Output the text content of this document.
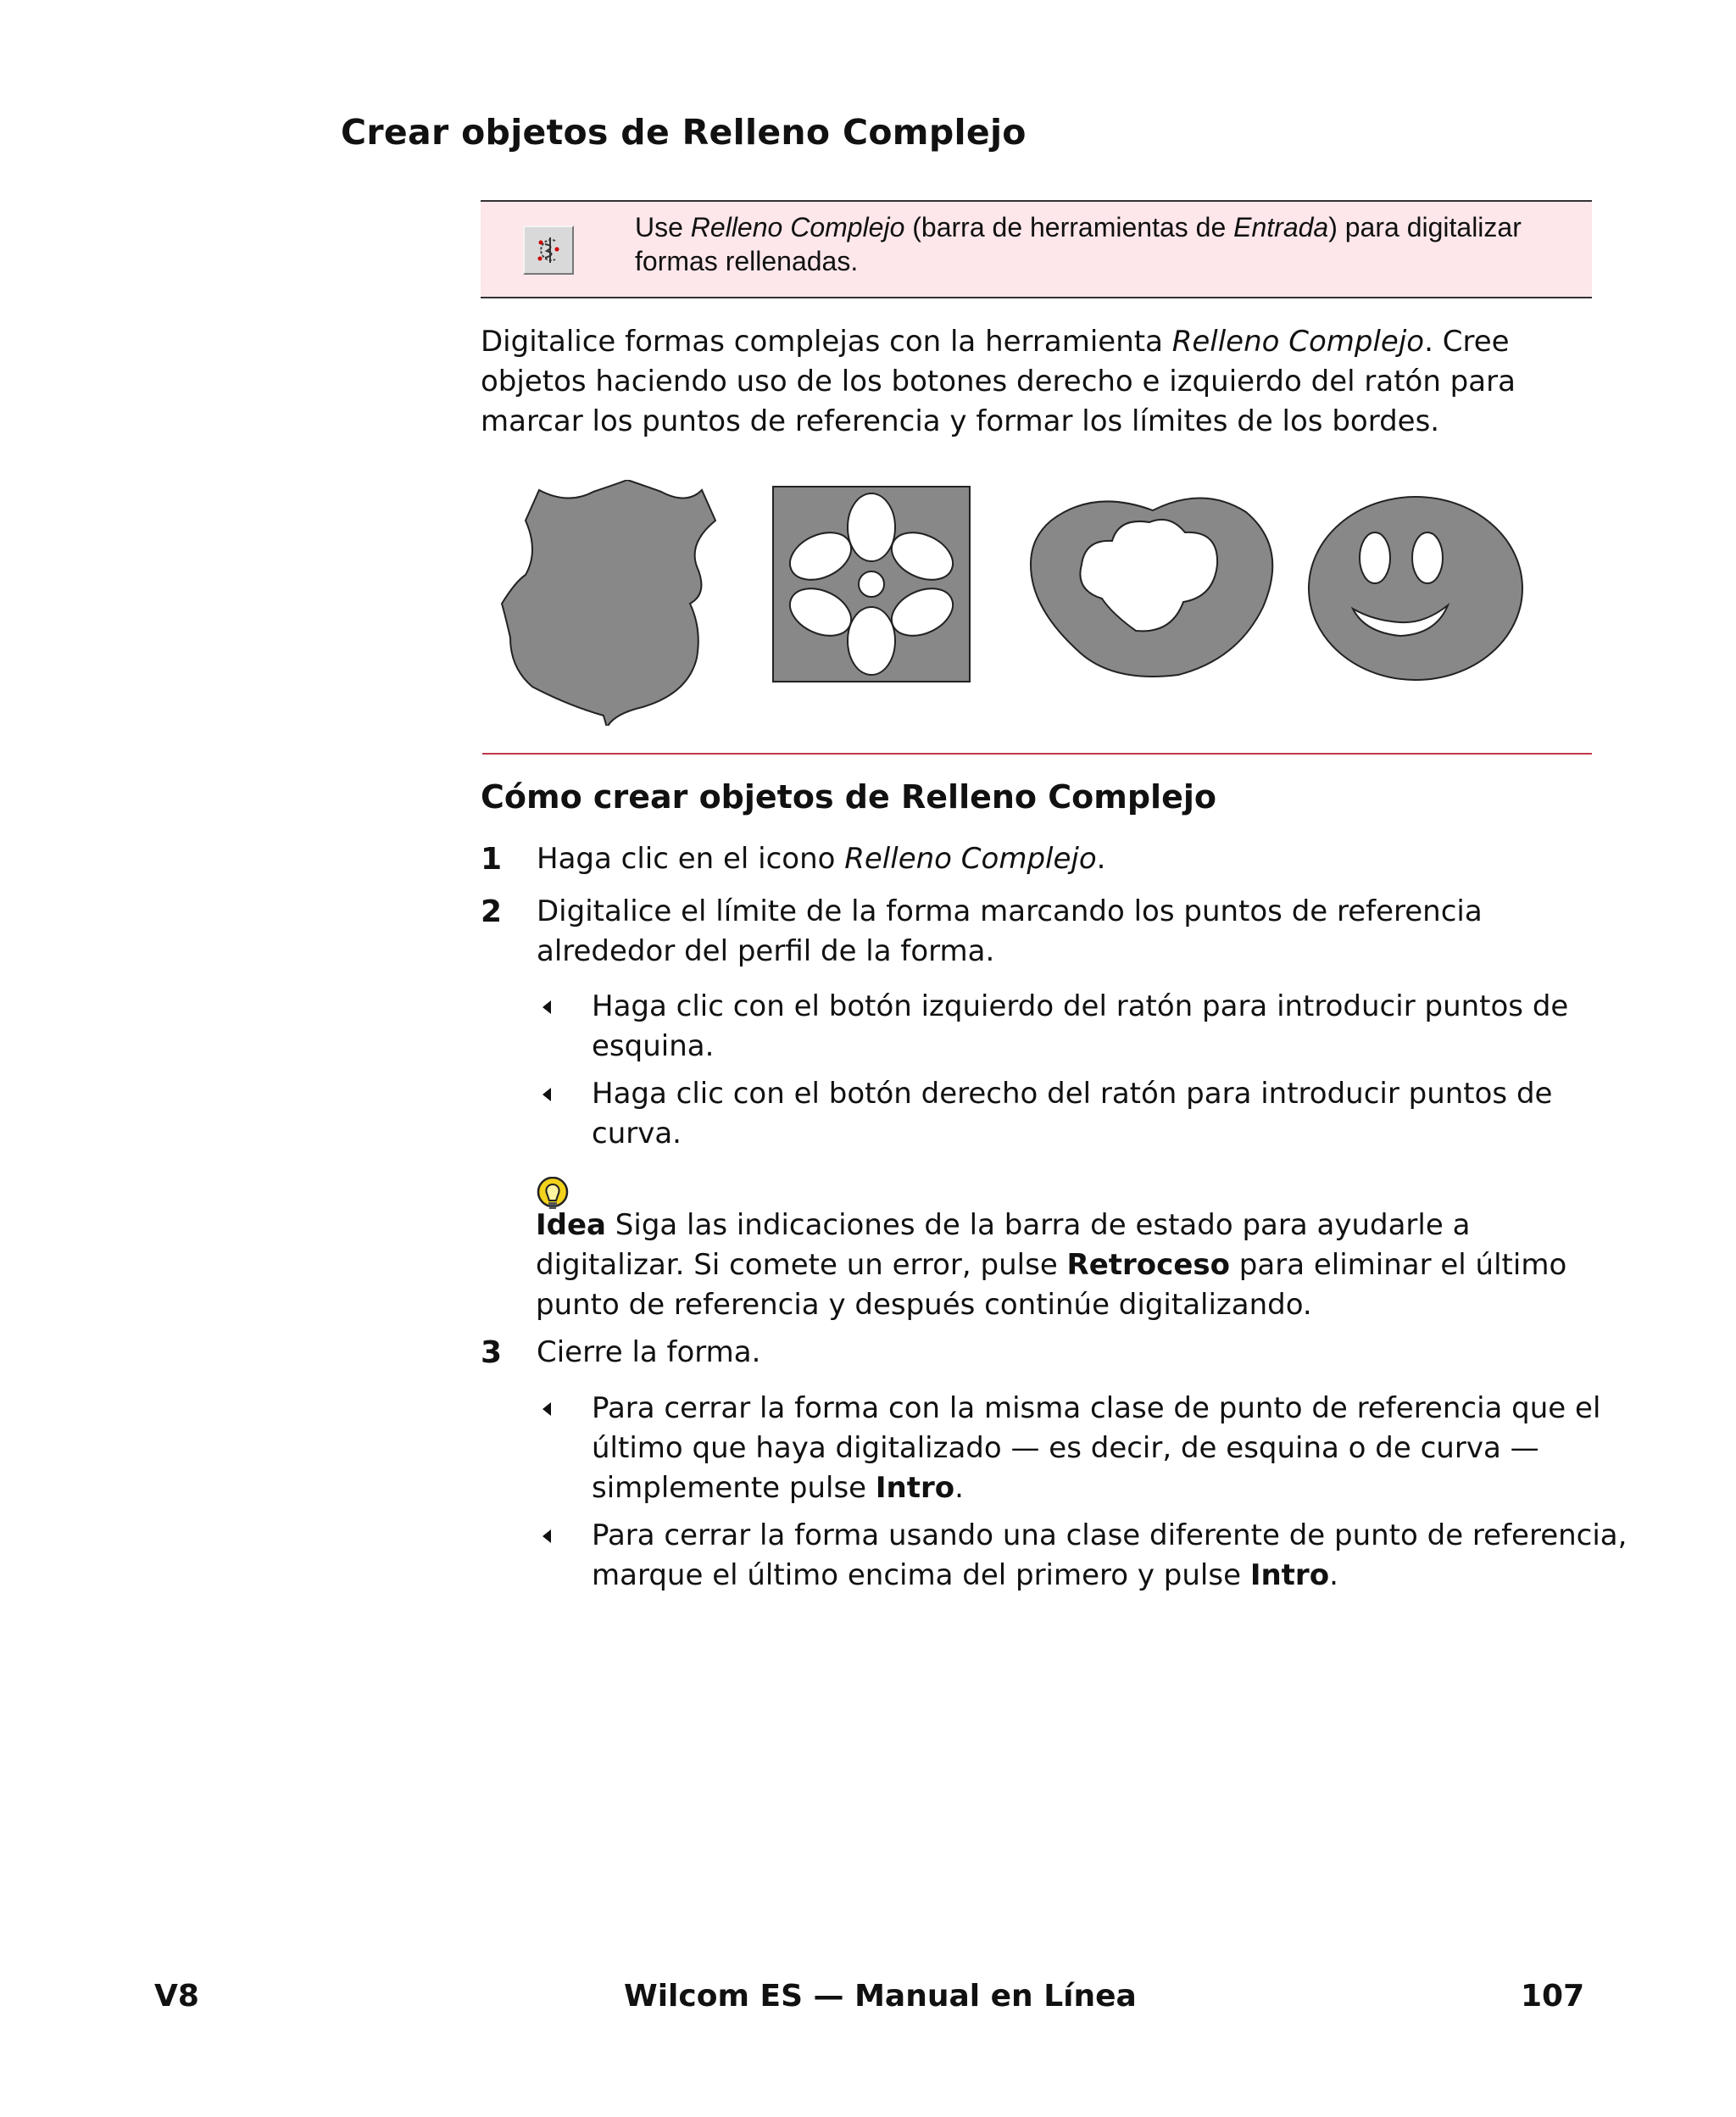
Crear objetos de Relleno Complejo
Use Relleno Complejo (barra de herramientas de Entrada) para digitalizar formas rellenadas.

Digitalice formas complejas con la herramienta Relleno Complejo. Cree objetos haciendo uso de los botones derecho e izquierdo del ratón para marcar los puntos de referencia y formar los límites de los bordes.

Cómo crear objetos de Relleno Complejo
1	Haga clic en el icono Relleno Complejo.
2	Digitalice el límite de la forma marcando los puntos de referencia alrededor del perfil de la forma.
Haga clic con el botón izquierdo del ratón para introducir puntos de esquina.
Haga clic con el botón derecho del ratón para introducir puntos de curva.
Idea Siga las indicaciones de la barra de estado para ayudarle a digitalizar. Si comete un error, pulse Retroceso para eliminar el último punto de referencia y después continúe digitalizando.
3	Cierre la forma.
Para cerrar la forma con la misma clase de punto de referencia que el último que haya digitalizado — es decir, de esquina o de curva — simplemente pulse Intro.
Para cerrar la forma usando una clase diferente de punto de referencia, marque el último encima del primero y pulse Intro.
V8	Wilcom ES — Manual en Línea	107
